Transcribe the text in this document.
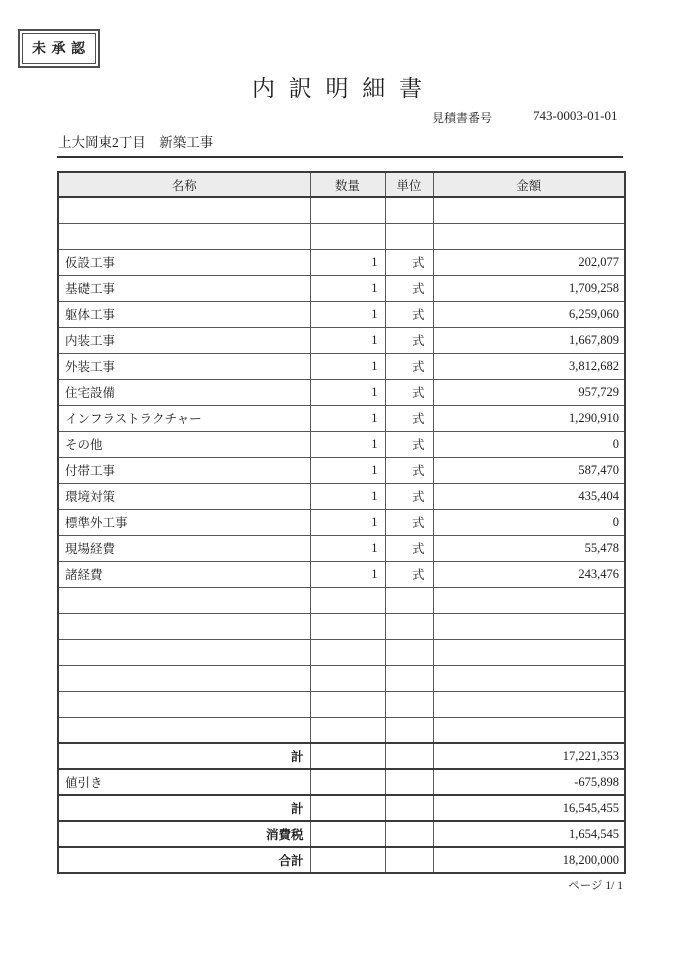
未 承 認
内 訳 明 細 書
見積書番号	743-0003-01-01
上大岡東2丁目　新築工事
名称	数量	単位	金額

仮設工事	1	式	202,077
基礎工事	1	式	1,709,258
躯体工事	1	式	6,259,060
内装工事	1	式	1,667,809
外装工事	1	式	3,812,682
住宅設備	1	式	957,729
インフラストラクチャー	1	式	1,290,910
その他	1	式	0
付帯工事	1	式	587,470
環境対策	1	式	435,404
標準外工事	1	式	0
現場経費	1	式	55,478
諸経費	1	式	243,476

計			17,221,353
値引き			-675,898
計			16,545,455
消費税			1,654,545
合計			18,200,000
ページ 1/ 1
